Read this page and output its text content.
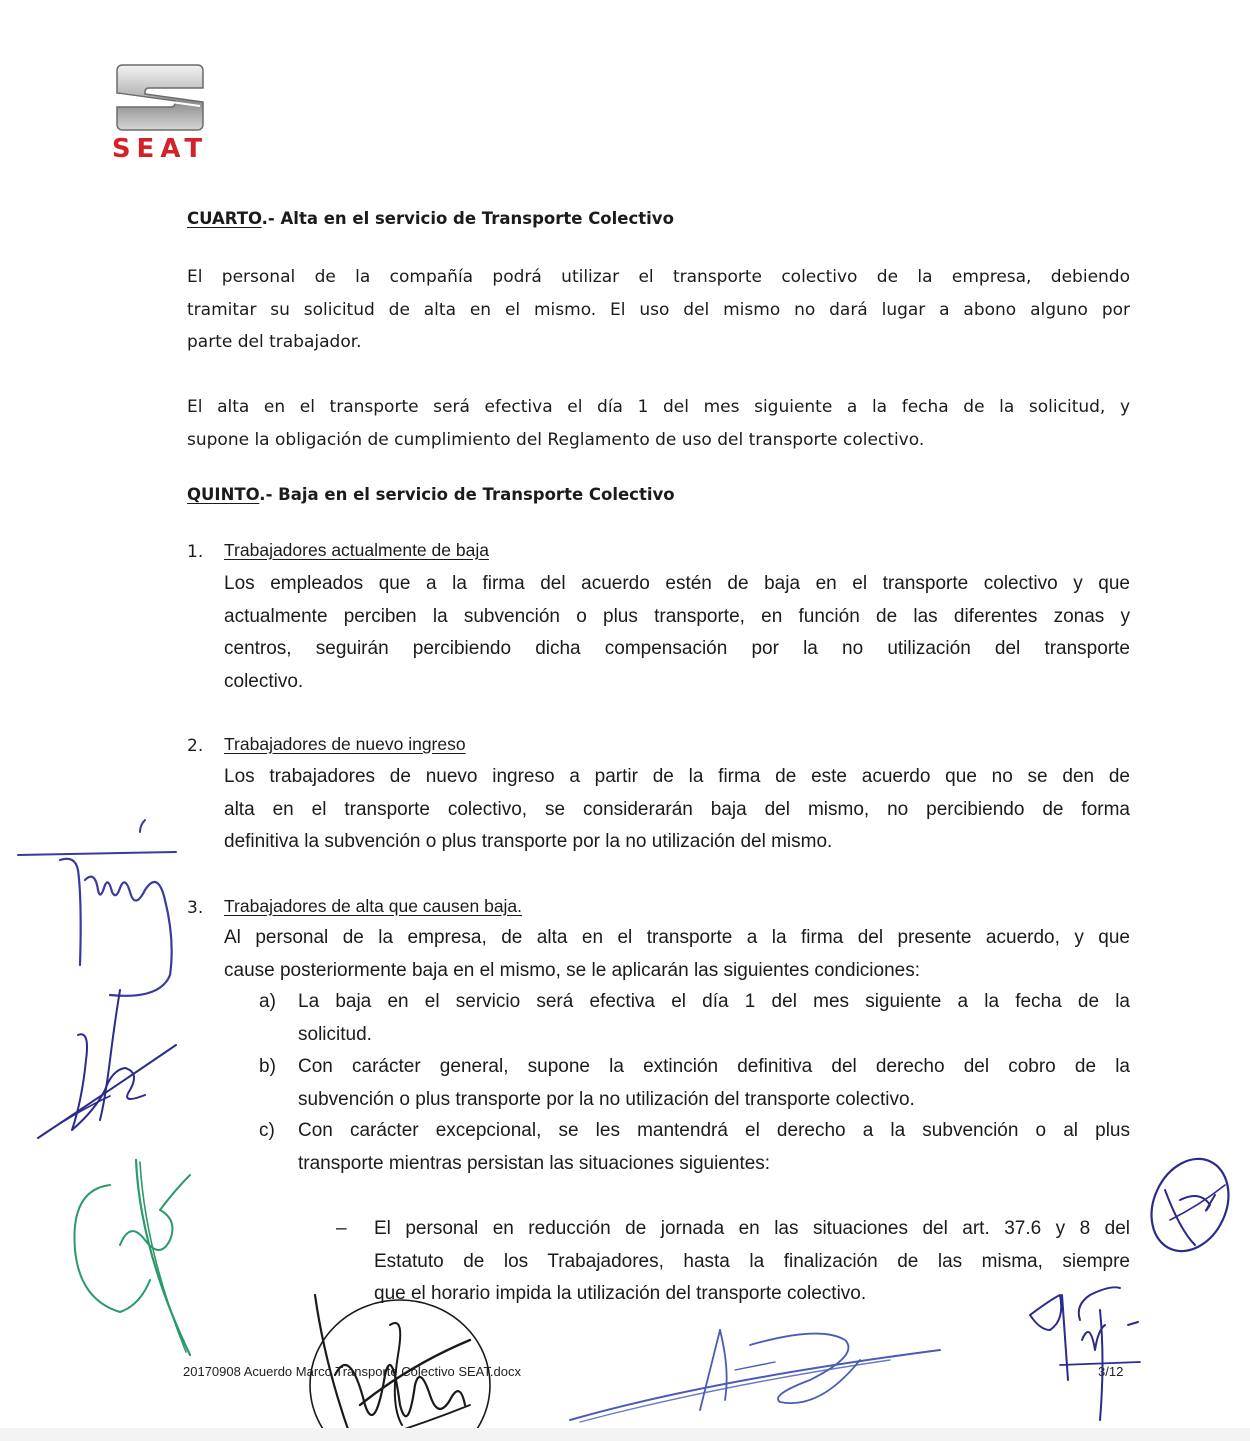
SEAT
CUARTO.- Alta en el servicio de Transporte Colectivo
El personal de la compañía podrá utilizar el transporte colectivo de la empresa, debiendo
tramitar su solicitud de alta en el mismo. El uso del mismo no dará lugar a abono alguno por
parte del trabajador.
El alta en el transporte será efectiva el día 1 del mes siguiente a la fecha de la solicitud, y
supone la obligación de cumplimiento del Reglamento de uso del transporte colectivo.
QUINTO.- Baja en el servicio de Transporte Colectivo
1. Trabajadores actualmente de baja
Los empleados que a la firma del acuerdo estén de baja en el transporte colectivo y que
actualmente perciben la subvención o plus transporte, en función de las diferentes zonas y
centros, seguirán percibiendo dicha compensación por la no utilización del transporte
colectivo.
2. Trabajadores de nuevo ingreso
Los trabajadores de nuevo ingreso a partir de la firma de este acuerdo que no se den de
alta en el transporte colectivo, se considerarán baja del mismo, no percibiendo de forma
definitiva la subvención o plus transporte por la no utilización del mismo.
3. Trabajadores de alta que causen baja.
Al personal de la empresa, de alta en el transporte a la firma del presente acuerdo, y que
cause posteriormente baja en el mismo, se le aplicarán las siguientes condiciones:
a) La baja en el servicio será efectiva el día 1 del mes siguiente a la fecha de la
solicitud.
b) Con carácter general, supone la extinción definitiva del derecho del cobro de la
subvención o plus transporte por la no utilización del transporte colectivo.
c) Con carácter excepcional, se les mantendrá el derecho a la subvención o al plus
transporte mientras persistan las situaciones siguientes:
– El personal en reducción de jornada en las situaciones del art. 37.6 y 8 del
Estatuto de los Trabajadores, hasta la finalización de las misma, siempre
que el horario impida la utilización del transporte colectivo.
20170908 Acuerdo Marco Transporte Colectivo SEAT.docx	3/12
